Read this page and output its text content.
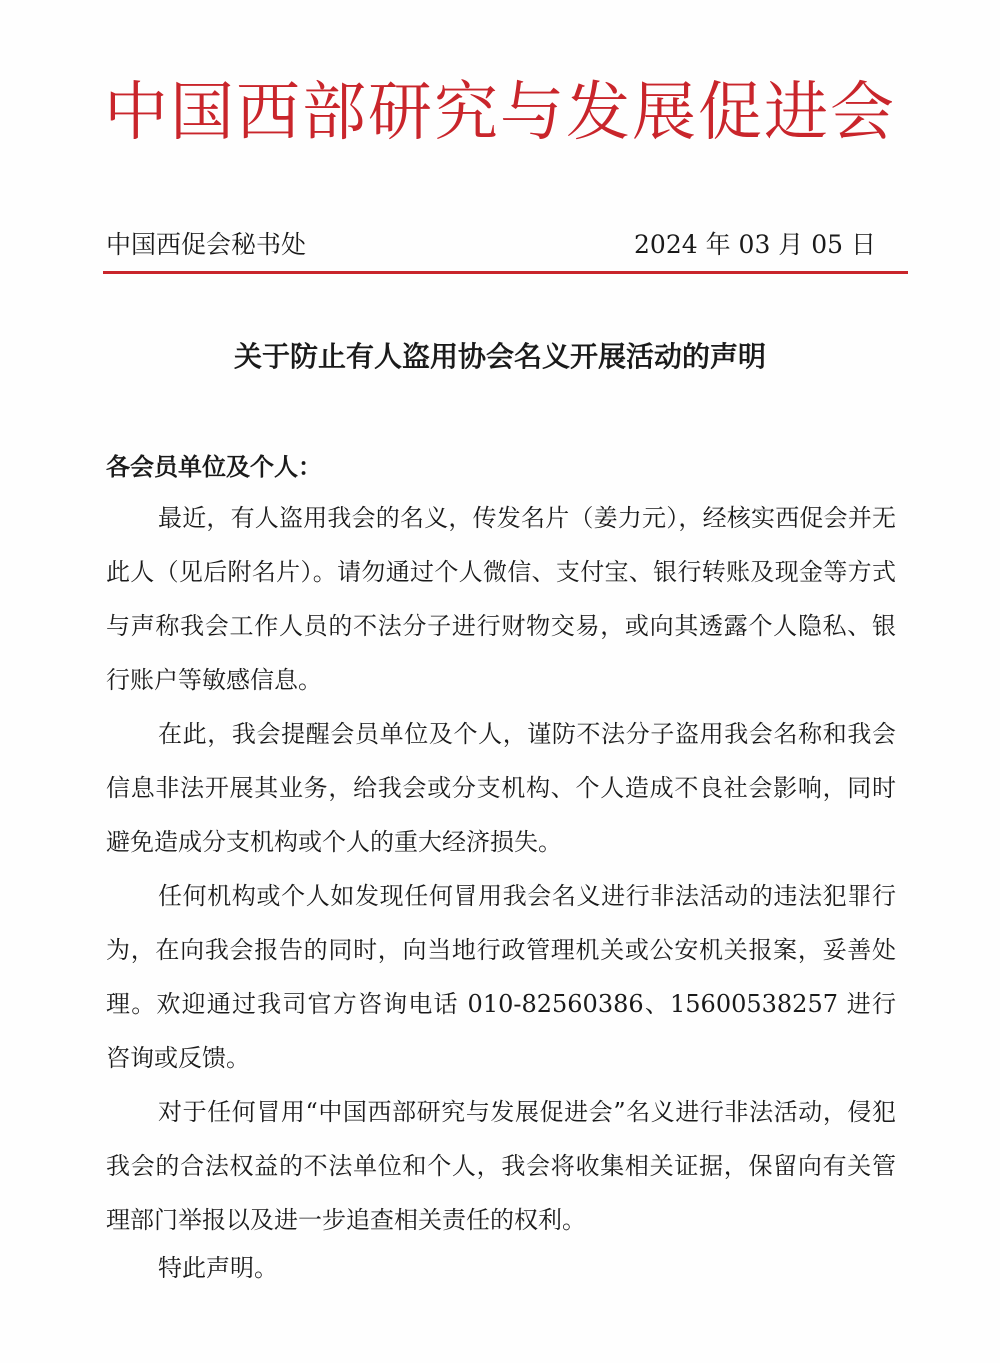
中国西部研究与发展促进会
中国西促会秘书处	2024 年 03 月 05 日
关于防止有人盗用协会名义开展活动的声明
各会员单位及个人：

最近，有人盗用我会的名义，传发名片（姜力元），经核实西促会并无此人（见后附名片）。请勿通过个人微信、支付宝、银行转账及现金等方式与声称我会工作人员的不法分子进行财物交易，或向其透露个人隐私、银行账户等敏感信息。

在此，我会提醒会员单位及个人，谨防不法分子盗用我会名称和我会信息非法开展其业务，给我会或分支机构、个人造成不良社会影响，同时避免造成分支机构或个人的重大经济损失。

任何机构或个人如发现任何冒用我会名义进行非法活动的违法犯罪行为，在向我会报告的同时，向当地行政管理机关或公安机关报案，妥善处理。欢迎通过我司官方咨询电话 010-82560386、15600538257 进行咨询或反馈。

对于任何冒用“中国西部研究与发展促进会”名义进行非法活动，侵犯我会的合法权益的不法单位和个人，我会将收集相关证据，保留向有关管理部门举报以及进一步追查相关责任的权利。

特此声明。
